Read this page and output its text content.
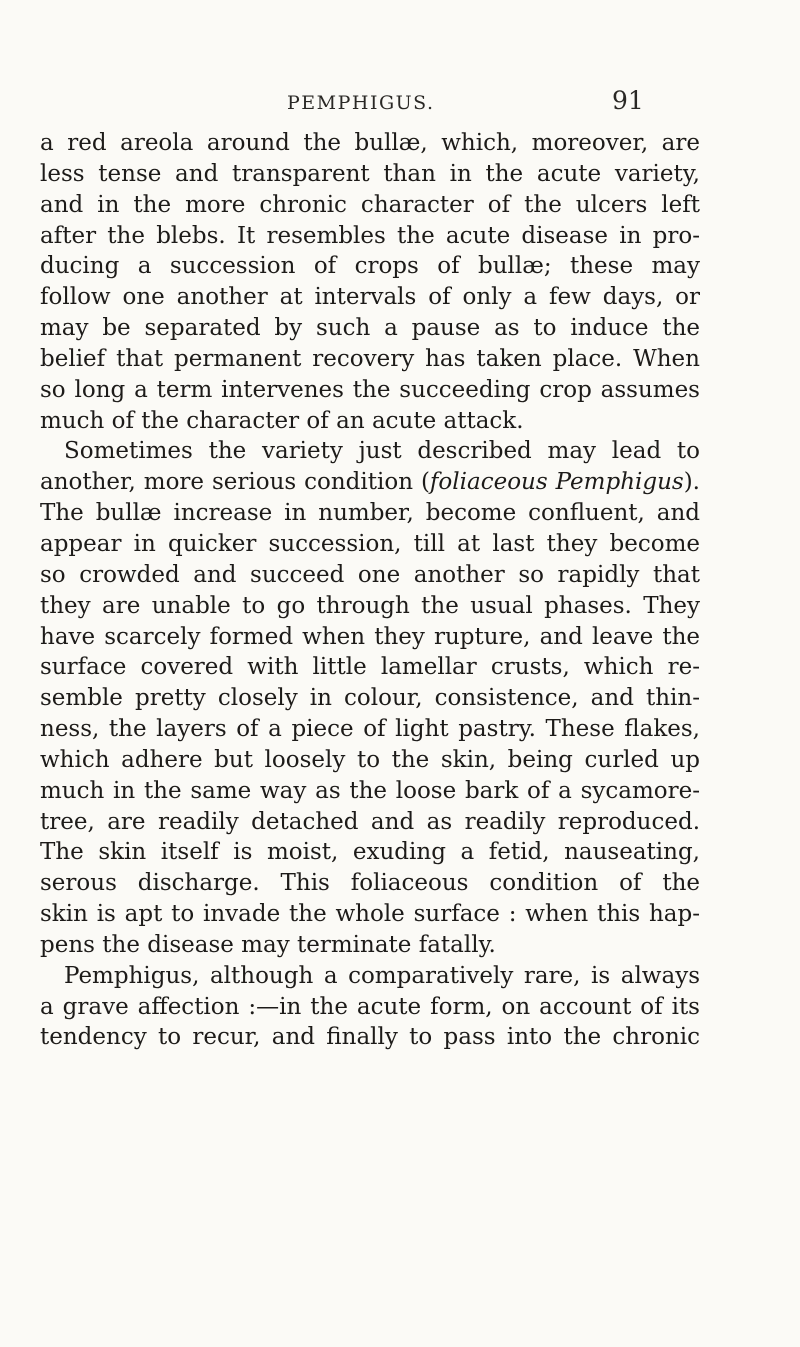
PEMPHIGUS.	91
a red areola around the bullæ, which, moreover, are
less tense and transparent than in the acute variety,
and in the more chronic character of the ulcers left
after the blebs. It resembles the acute disease in pro-
ducing a succession of crops of bullæ; these may
follow one another at intervals of only a few days, or
may be separated by such a pause as to induce the
belief that permanent recovery has taken place. When
so long a term intervenes the succeeding crop assumes
much of the character of an acute attack.
Sometimes the variety just described may lead to
another, more serious condition (foliaceous Pemphigus).
The bullæ increase in number, become confluent, and
appear in quicker succession, till at last they become
so crowded and succeed one another so rapidly that
they are unable to go through the usual phases. They
have scarcely formed when they rupture, and leave the
surface covered with little lamellar crusts, which re-
semble pretty closely in colour, consistence, and thin-
ness, the layers of a piece of light pastry. These flakes,
which adhere but loosely to the skin, being curled up
much in the same way as the loose bark of a sycamore-
tree, are readily detached and as readily reproduced.
The skin itself is moist, exuding a fetid, nauseating,
serous discharge. This foliaceous condition of the
skin is apt to invade the whole surface : when this hap-
pens the disease may terminate fatally.
Pemphigus, although a comparatively rare, is always
a grave affection :—in the acute form, on account of its
tendency to recur, and finally to pass into the chronic
